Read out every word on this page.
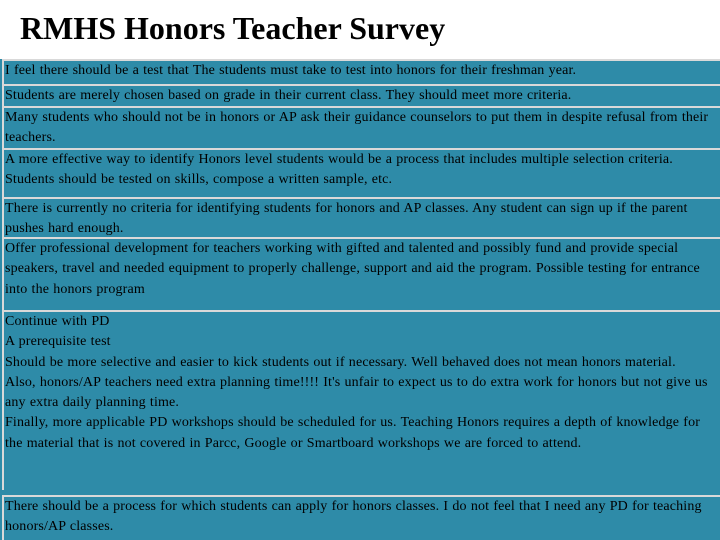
RMHS Honors Teacher Survey
I feel there should be a test that The students must take to test into honors for their freshman year.
Students are merely chosen based on grade in their current class. They should meet more criteria.
Many students who should not be in honors or AP ask their guidance counselors to put them in despite refusal from their teachers.
A more effective way to identify Honors level students would be a process that includes multiple selection criteria. Students should be tested on skills, compose a written sample, etc.
There is currently no criteria for identifying students for honors and AP classes. Any student can sign up if the parent pushes hard enough.
Offer professional development for teachers working with gifted and talented and possibly fund and provide special speakers, travel and needed equipment to properly challenge, support and aid the program. Possible testing for entrance into the honors program

Continue with PD

A prerequisite test

Should be more selective and easier to kick students out if necessary. Well behaved does not mean honors material.

Also, honors/AP teachers need extra planning time!!!! It's unfair to expect us to do extra work for honors but not give us any extra daily planning time.

Finally, more applicable PD workshops should be scheduled for us. Teaching Honors requires a depth of knowledge for the material that is not covered in Parcc, Google or Smartboard workshops we are forced to attend.

There should be a process for which students can apply for honors classes. I do not feel that I need any PD for teaching honors/AP classes.
